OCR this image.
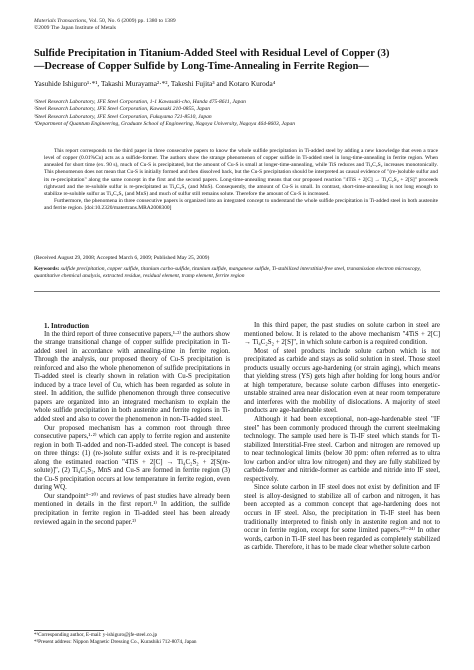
Materials Transactions, Vol. 50, No. 6 (2009) pp. 1380 to 1389
©2009 The Japan Institute of Metals
Sulfide Precipitation in Titanium-Added Steel with Residual Level of Copper (3)
—Decrease of Copper Sulfide by Long-Time-Annealing in Ferrite Region—
Yasuhide Ishiguro¹·*¹, Takashi Murayama²·*², Takeshi Fujita³ and Kotaro Kuroda⁴
¹Steel Research Laboratory, JFE Steel Corporation, 1-1 Kawasaki-cho, Handa 475-8611, Japan
²Steel Research Laboratory, JFE Steel Corporation, Kawasaki 210-0855, Japan
³Steel Research Laboratory, JFE Steel Corporation, Fukuyama 721-8510, Japan
⁴Department of Quantum Engineering, Graduate School of Engineering, Nagoya University, Nagoya 464-8603, Japan

This report corresponds to the third paper in three consecutive papers to know the whole sulfide precipitation in Ti-added steel by adding a new knowledge that even a trace level of copper (0.01%Cu) acts as a sulfide-former. The authors show the strange phenomenon of copper sulfide in Ti-added steel in long-time-annealing in ferrite region. When annealed for short time (ex. 90 s), much of Cu-S is precipitated, but the amount of Cu-S is small at longer-time-annealing, while TiS reduces and Ti₄C₂S₂ increases monotonically. This phenomenon does not mean that Cu-S is initially formed and then dissolved back, but the Cu-S precipitation should be interpreted as causal evidence of "(re-)soluble sulfur and its re-precipitation" along the same concept in the first and the second papers. Long-time-annealing means that our proposed reaction "4TiS + 2[C] → Ti₄C₂S₂ + 2[S]" proceeds rightward and the re-soluble sulfur is re-precipitated as Ti₄C₂S₂ (and MnS). Consequently, the amount of Cu-S is small. In contrast, short-time-annealing is not long enough to stabilize re-soluble sulfur as Ti₄C₂S₂ (and MnS) and much of sulfur still remains solute. Therefore the amount of Cu-S is increased.

Furthermore, the phenomena in three consecutive papers is organized into an integrated concept to understand the whole sulfide precipitation in Ti-added steel in both austenite and ferrite region. [doi:10.2320/matertrans.MRA2008300]

(Received August 29, 2008; Accepted March 6, 2009; Published May 25, 2009)
Keywords: sulfide precipitation, copper sulfide, titanium carbo-sulfide, titanium sulfide, manganese sulfide, Ti-stabilized interstitial-free steel, transmission electron microscopy, quantitative chemical analysis, extracted residue, residual element, tramp element, ferrite region

1. Introduction

In the third report of three consecutive papers,¹·²⁾ the authors show the strange transitional change of copper sulfide precipitation in Ti-added steel in accordance with annealing-time in ferrite region. Through the analysis, our proposed theory of Cu-S precipitation is reinforced and also the whole phenomenon of sulfide precipitations in Ti-added steel is clearly shown in relation with Cu-S precipitation induced by a trace level of Cu, which has been regarded as solute in steel. In addition, the sulfide phenomenon through three consecutive papers are organized into an integrated mechanism to explain the whole sulfide precipitation in both austenite and ferrite regions in Ti-added steel and also to cover the phenomenon in non-Ti-added steel.

Our proposed mechanism has a common root through three consecutive papers,¹·²⁾ which can apply to ferrite region and austenite region in both Ti-added and non-Ti-added steel. The concept is based on three things: (1) (re-)solute sulfur exists and it is re-precipitated along the estimated reaction "4TiS + 2[C] → Ti₄C₂S₂ + 2[S(re-solute)]", (2) Ti₄C₂S₂, MnS and Cu-S are formed in ferrite region (3) the Cu-S precipitation occurs at low temperature in ferrite region, even during WQ.

Our standpoint³⁻²⁰⁾ and reviews of past studies have already been mentioned in details in the first report.¹⁾ In addition, the sulfide precipitation in ferrite region in Ti-added steel has been already reviewed again in the second paper.²⁾

In this third paper, the past studies on solute carbon in steel are mentioned below. It is related to the above mechanism "4TiS + 2[C] → Ti₄C₂S₂ + 2[S]", in which solute carbon is a required condition.

Most of steel products include solute carbon which is not precipitated as carbide and stays as solid solution in steel. Those steel products usually occurs age-hardening (or strain aging), which means that yielding stress (YS) gets high after holding for long hours and/or at high temperature, because solute carbon diffuses into energetic-unstable strained area near dislocation even at near room temperature and interferes with the mobility of dislocations. A majority of steel products are age-hardenable steel.

Although it had been exceptional, non-age-hardenable steel "IF steel" has been commonly produced through the current steelmaking technology. The sample used here is Ti-IF steel which stands for Ti-stabilized Interstitial-Free steel. Carbon and nitrogen are removed up to near technological limits (below 30 ppm: often referred as to ultra low carbon and/or ultra low nitrogen) and they are fully stabilized by carbide-former and nitride-former as carbide and nitride into IF steel, respectively.

Since solute carbon in IF steel does not exist by definition and IF steel is alloy-designed to stabilize all of carbon and nitrogen, it has been accepted as a common concept that age-hardening does not occurs in IF steel. Also, the precipitation in Ti-IF steel has been traditionally interpreted to finish only in austenite region and not to occur in ferrite region, except for some limited papers.²⁰⁻²⁴⁾ In other words, carbon in Ti-IF steel has been regarded as completely stabilized as carbide. Therefore, it has to be made clear whether solute carbon

*¹Corresponding author, E-mail: y-ishiguro@jfe-steel.co.jp
*²Present address: Nippon Magnetic Dressing Co., Kurashiki 712-8074, Japan
